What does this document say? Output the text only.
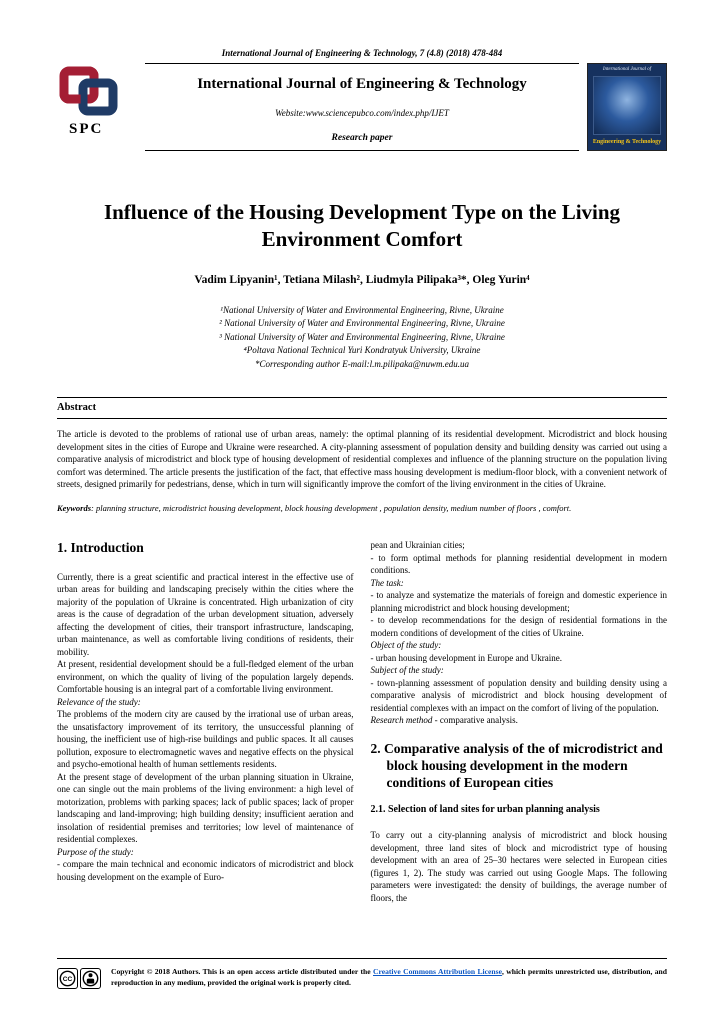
International Journal of Engineering & Technology, 7 (4.8) (2018) 478-484
SPC
International Journal of Engineering & Technology
Website:www.sciencepubco.com/index.php/IJET
Research paper
International Journal of
Engineering & Technology
Influence of the Housing Development Type on the Living Environment Comfort
Vadim Lipyanin¹, Tetiana Milash², Liudmyla Pilipaka³*, Oleg Yurin⁴
¹National University of Water and Environmental Engineering, Rivne, Ukraine
² National University of Water and Environmental Engineering, Rivne, Ukraine
³ National University of Water and Environmental Engineering, Rivne, Ukraine
⁴Poltava National Technical Yuri Kondratyuk University, Ukraine
*Corresponding author E-mail:l.m.pilipaka@nuwm.edu.ua
Abstract
The article is devoted to the problems of rational use of urban areas, namely: the optimal planning of its residential development. Microdistrict and block housing development sites in the cities of Europe and Ukraine were researched. A city-planning assessment of population density and building density was carried out using a comparative analysis of microdistrict and block type of housing development of residential complexes and influence of the planning structure on the population living comfort was determined. The article presents the justification of the fact, that effective mass housing development is medium-floor block, with a convenient network of streets, designed primarily for pedestrians, dense, which in turn will significantly improve the comfort of the living environment in the cities of Ukraine.
Keywords: planning structure, microdistrict housing development, block housing development , population density, medium number of floors , comfort.
1. Introduction

Currently, there is a great scientific and practical interest in the effective use of urban areas for building and landscaping precisely within the cities where the majority of the population of Ukraine is concentrated. High urbanization of city areas is the cause of degradation of the urban development situation, adversely affecting the development of cities, their transport infrastructure, landscaping, urban maintenance, as well as comfortable living conditions of residents, their mobility.

At present, residential development should be a full-fledged element of the urban environment, on which the quality of living of the population largely depends. Comfortable housing is an integral part of a comfortable living environment.

Relevance of the study:

The problems of the modern city are caused by the irrational use of urban areas, the unsatisfactory improvement of its territory, the unsuccessful planning of housing, the inefficient use of high-rise buildings and public spaces. It all causes pollution, exposure to electromagnetic waves and negative effects on the physical and psycho-emotional health of human settlements residents.

At the present stage of development of the urban planning situation in Ukraine, one can single out the main problems of the living environment: a high level of motorization, problems with parking spaces; lack of public spaces; lack of proper landscaping and land-improving; high building density; insufficient aeration and insolation of residential premises and territories; low level of maintenance of residential complexes.

Purpose of the study:

- compare the main technical and economic indicators of microdistrict and block housing development on the example of Euro-

pean and Ukrainian cities;

- to form optimal methods for planning residential development in modern conditions.

The task:

- to analyze and systematize the materials of foreign and domestic experience in planning microdistrict and block housing development;

- to develop recommendations for the design of residential formations in the modern conditions of development of the cities of Ukraine.

Object of the study:

- urban housing development in Europe and Ukraine.

Subject of the study:

- town-planning assessment of population density and building density using a comparative analysis of microdistrict and block housing development of residential complexes with an impact on the comfort of living of the population.

Research method - comparative analysis.

2. Comparative analysis of the of microdistrict and block housing development in the modern conditions of European cities
2.1. Selection of land sites for urban planning analysis

To carry out a city-planning analysis of microdistrict and block housing development, three land sites of block and microdistrict type of housing development with an area of 25–30 hectares were selected in European cities (figures 1, 2). The study was carried out using Google Maps. The following parameters were investigated: the density of buildings, the average number of floors, the

CC
Copyright © 2018 Authors. This is an open access article distributed under the Creative Commons Attribution License, which permits unrestricted use, distribution, and reproduction in any medium, provided the original work is properly cited.
